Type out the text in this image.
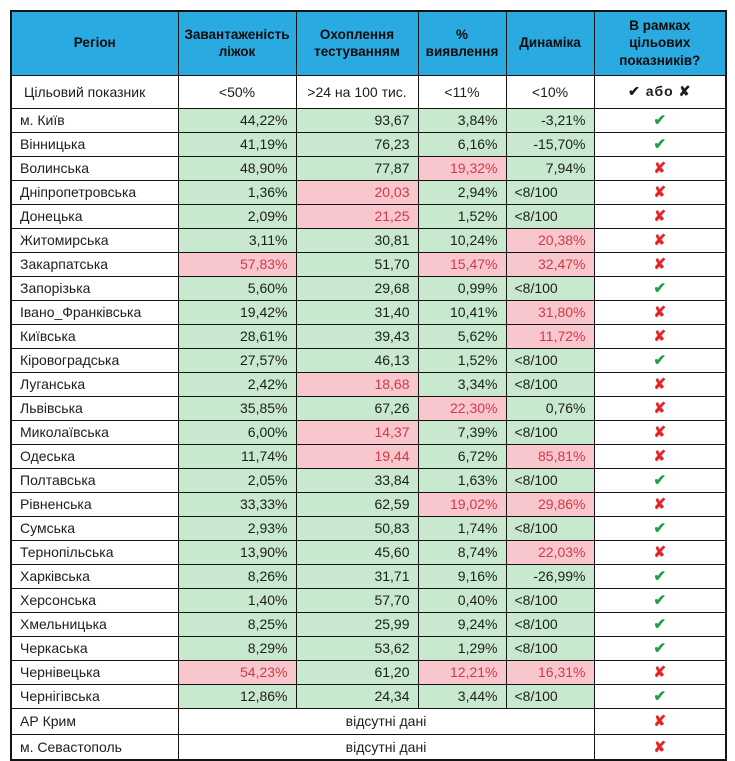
Регіон	Завантаженість ліжок	Охоплення тестуванням	% виявлення	Динаміка	В рамках цільових показників?
Цільовий показник	<50%	>24 на 100 тис.	<11%	<10%	✔ або ✘
м. Київ	44,22%	93,67	3,84%	-3,21%	✔
Вінницька	41,19%	76,23	6,16%	-15,70%	✔
Волинська	48,90%	77,87	19,32%	7,94%	✘
Дніпропетровська	1,36%	20,03	2,94%	<8/100	✘
Донецька	2,09%	21,25	1,52%	<8/100	✘
Житомирська	3,11%	30,81	10,24%	20,38%	✘
Закарпатська	57,83%	51,70	15,47%	32,47%	✘
Запорізька	5,60%	29,68	0,99%	<8/100	✔
Івано_Франківська	19,42%	31,40	10,41%	31,80%	✘
Київська	28,61%	39,43	5,62%	11,72%	✘
Кіровоградська	27,57%	46,13	1,52%	<8/100	✔
Луганська	2,42%	18,68	3,34%	<8/100	✘
Львівська	35,85%	67,26	22,30%	0,76%	✘
Миколаївська	6,00%	14,37	7,39%	<8/100	✘
Одеська	11,74%	19,44	6,72%	85,81%	✘
Полтавська	2,05%	33,84	1,63%	<8/100	✔
Рівненська	33,33%	62,59	19,02%	29,86%	✘
Сумська	2,93%	50,83	1,74%	<8/100	✔
Тернопільська	13,90%	45,60	8,74%	22,03%	✘
Харківська	8,26%	31,71	9,16%	-26,99%	✔
Херсонська	1,40%	57,70	0,40%	<8/100	✔
Хмельницька	8,25%	25,99	9,24%	<8/100	✔
Черкаська	8,29%	53,62	1,29%	<8/100	✔
Чернівецька	54,23%	61,20	12,21%	16,31%	✘
Чернігівська	12,86%	24,34	3,44%	<8/100	✔
АР Крим	відсутні дані				✘
м. Севастополь	відсутні дані				✘
